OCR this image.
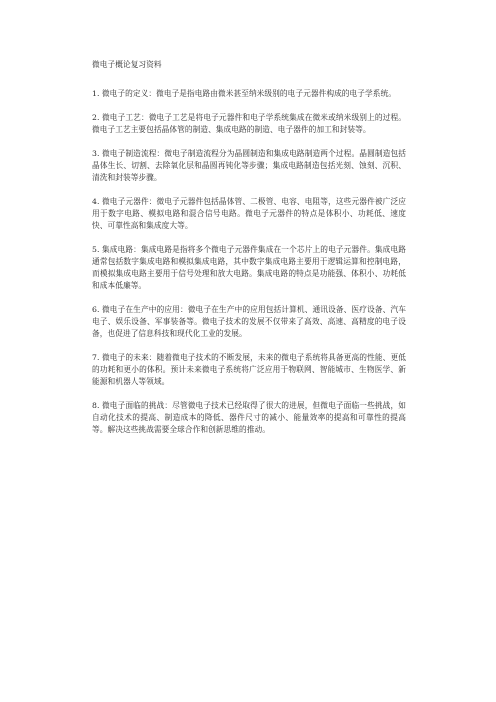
微电子概论复习资料

1. 微电子的定义：微电子是指电路由微米甚至纳米级别的电子元器件构成的电子学系统。

2. 微电子工艺：微电子工艺是将电子元器件和电子学系统集成在微米或纳米级别上的过程。微电子工艺主要包括晶体管的制造、集成电路的制造、电子器件的加工和封装等。

3. 微电子制造流程：微电子制造流程分为晶圆制造和集成电路制造两个过程。晶圆制造包括晶体生长、切割、去除氧化层和晶圆再钝化等步骤；集成电路制造包括光刻、蚀刻、沉积、清洗和封装等步骤。

4. 微电子元器件：微电子元器件包括晶体管、二极管、电容、电阻等，这些元器件被广泛应用于数字电路、模拟电路和混合信号电路。微电子元器件的特点是体积小、功耗低、速度快、可靠性高和集成度大等。

5. 集成电路：集成电路是指将多个微电子元器件集成在一个芯片上的电子元器件。集成电路通常包括数字集成电路和模拟集成电路，其中数字集成电路主要用于逻辑运算和控制电路，而模拟集成电路主要用于信号处理和放大电路。集成电路的特点是功能强、体积小、功耗低和成本低廉等。

6. 微电子在生产中的应用：微电子在生产中的应用包括计算机、通讯设备、医疗设备、汽车电子、娱乐设备、军事装备等。微电子技术的发展不仅带来了高效、高速、高精度的电子设备，也促进了信息科技和现代化工业的发展。

7. 微电子的未来：随着微电子技术的不断发展，未来的微电子系统将具备更高的性能、更低的功耗和更小的体积。预计未来微电子系统将广泛应用于物联网、智能城市、生物医学、新能源和机器人等领域。

8. 微电子面临的挑战：尽管微电子技术已经取得了很大的进展，但微电子面临一些挑战，如自动化技术的提高、制造成本的降低、器件尺寸的减小、能量效率的提高和可靠性的提高等。解决这些挑战需要全球合作和创新思维的推动。
